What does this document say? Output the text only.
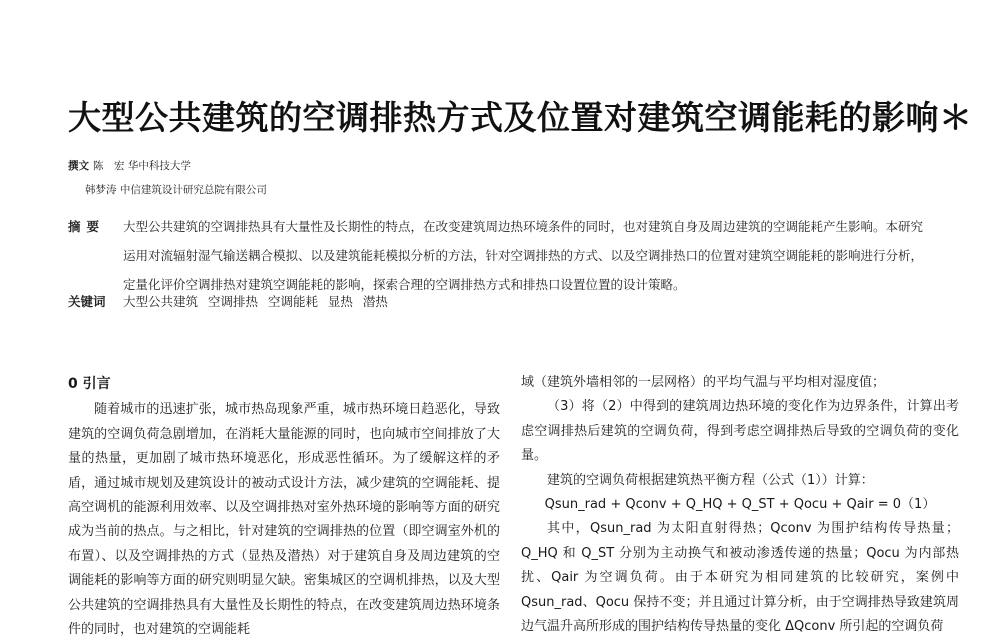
大型公共建筑的空调排热方式及位置对建筑空调能耗的影响＊
撰文 陈　宏 华中科技大学
韩梦涛 中信建筑设计研究总院有限公司
摘要 大型公共建筑的空调排热具有大量性及长期性的特点，在改变建筑周边热环境条件的同时，也对建筑自身及周边建筑的空调能耗产生影响。本研究运用对流辐射湿气输送耦合模拟、以及建筑能耗模拟分析的方法，针对空调排热的方式、以及空调排热口的位置对建筑空调能耗的影响进行分析，定量化评价空调排热对建筑空调能耗的影响，探索合理的空调排热方式和排热口设置位置的设计策略。
关键词 大型公共建筑 空调排热 空调能耗 显热 潜热
0 引言

随着城市的迅速扩张，城市热岛现象严重，城市热环境日趋恶化，导致建筑的空调负荷急剧增加，在消耗大量能源的同时，也向城市空间排放了大量的热量，更加剧了城市热环境恶化，形成恶性循环。为了缓解这样的矛盾，通过城市规划及建筑设计的被动式设计方法，减少建筑的空调能耗、提高空调机的能源利用效率、以及空调排热对室外热环境的影响等方面的研究成为当前的热点。与之相比，针对建筑的空调排热的位置（即空调室外机的布置）、以及空调排热的方式（显热及潜热）对于建筑自身及周边建筑的空调能耗的影响等方面的研究则明显欠缺。密集城区的空调机排热，以及大型公共建筑的空调排热具有大量性及长期性的特点，在改变建筑周边热环境条件的同时，也对建筑的空调能耗

域（建筑外墙相邻的一层网格）的平均气温与平均相对湿度值；

（3）将（2）中得到的建筑周边热环境的变化作为边界条件，计算出考虑空调排热后建筑的空调负荷，得到考虑空调排热后导致的空调负荷的变化量。

建筑的空调负荷根据建筑热平衡方程（公式（1））计算：

Qsun_rad + Qconv + Q_HQ + Q_ST + Qocu + Qair = 0（1）

其中，Qsun_rad 为太阳直射得热；Qconv 为围护结构传导热量；Q_HQ 和 Q_ST 分别为主动换气和被动渗透传递的热量；Qocu 为内部热扰、Qair 为空调负荷。由于本研究为相同建筑的比较研究，案例中 Qsun_rad、Qocu 保持不变；并且通过计算分析，由于空调排热导致建筑周边气温升高所形成的围护结构传导热量的变化 ΔQconv 所引起的空调负荷
